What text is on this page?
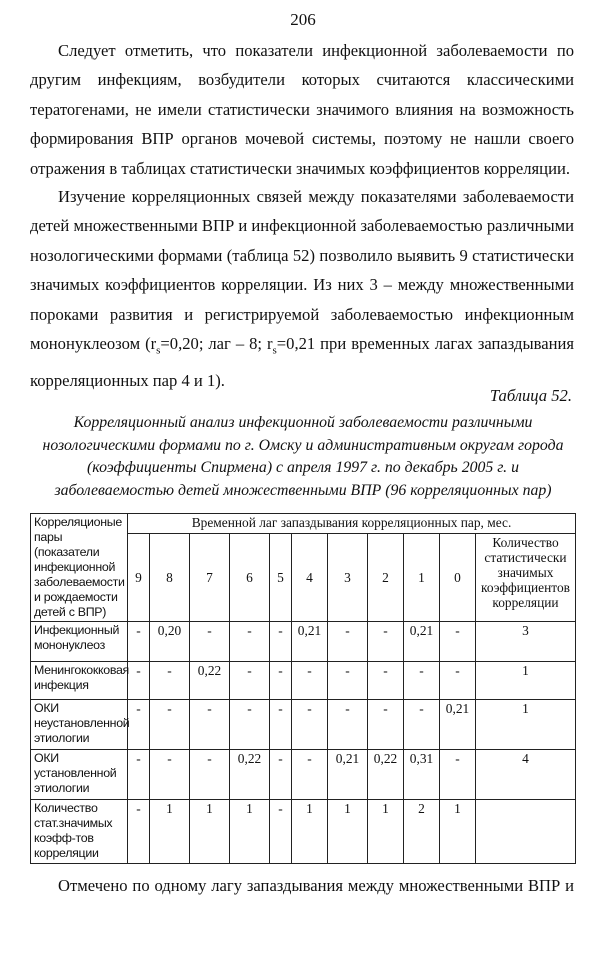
206

Следует отметить, что показатели инфекционной заболеваемости по
другим инфекциям, возбудители которых считаются классическими
тератогенами, не имели статистически значимого влияния на возможность
формирования ВПР органов мочевой системы, поэтому не нашли своего
отражения в таблицах статистически значимых коэффициентов корреляции.

Изучение корреляционных связей между показателями заболеваемости
детей множественными ВПР и инфекционной заболеваемостью различными
нозологическими формами (таблица 52) позволило выявить 9 статистически
значимых коэффициентов корреляции. Из них 3 – между множественными
пороками развития и регистрируемой заболеваемостью инфекционным
мононуклеозом ($r_s=0,20$; лаг – 8; $r_s=0,21$ при временных лагах запаздывания
корреляционных пар 4 и 1).

Таблица 52.
Корреляционный анализ инфекционной заболеваемости различными
нозологическими формами по г. Омску и административным округам города
(коэффициенты Спирмена) с апреля 1997 г. по декабрь 2005 г. и
заболеваемостью детей множественными ВПР (96 корреляционных пар)
Корреляционые пары (показатели инфекционной заболеваемости и рождаемости детей с ВПР)	Временной лаг запаздывания корреляционных пар, мес.										
	9	8	7	6	5	4	3	2	1	0	Количество статистически значимых коэффициентов корреляции
Инфекционный мононуклеоз	-	0,20	-	-	-	0,21	-	-	0,21	-	3
Менингококковая инфекция	-	-	0,22	-	-	-	-	-	-	-	1
ОКИ неустановленной этиологии	-	-	-	-	-	-	-	-	-	0,21	1
ОКИ установленной этиологии	-	-	-	0,22	-	-	0,21	0,22	0,31	-	4
Количество стат.значимых коэфф-тов корреляции	-	1	1	1	-	1	1	1	2	1	
Отмечено по одному лагу запаздывания между множественными ВПР и
